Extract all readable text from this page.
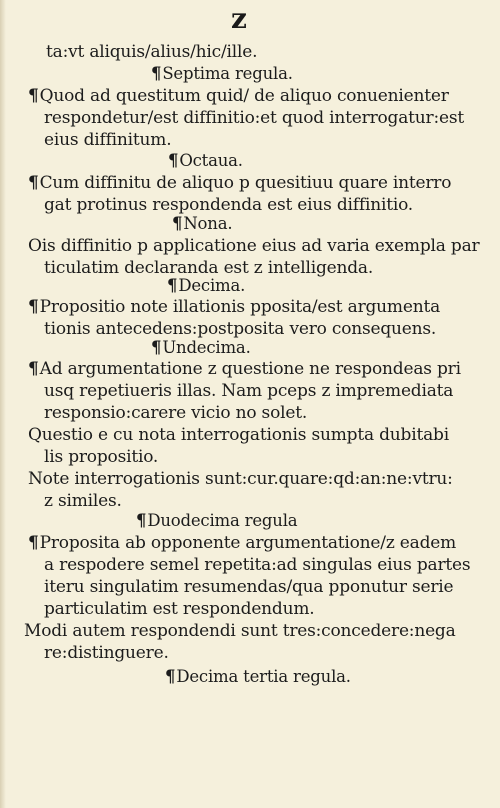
z
ta:vt aliquis/alius/hic/ille.
¶Septima regula.
¶Quod ad questitum quid/ de aliquo conuenienter
respondetur/est diffinitio:et quod interrogatur:est
eius diffinitum.
¶Octaua.
¶Cum diffinitu de aliquo p quesitiuu quare interro
gat protinus respondenda est eius diffinitio.
¶Nona.
Ois diffinitio p applicatione eius ad varia exempla par
ticulatim declaranda est z intelligenda.
¶Decima.
¶Propositio note illationis pposita/est argumenta
tionis antecedens:postposita vero consequens.
¶Undecima.
¶Ad argumentatione z questione ne respondeas pri
usq repetiueris illas. Nam pceps z impremediata
responsio:carere vicio no solet.
Questio e cu nota interrogationis sumpta dubitabi
lis propositio.
Note interrogationis sunt:cur.quare:qd:an:ne:vtru:
z similes.
¶Duodecima regula
¶Proposita ab opponente argumentatione/z eadem
a respodere semel repetita:ad singulas eius partes
iteru singulatim resumendas/qua pponutur serie
particulatim est respondendum.
Modi autem respondendi sunt tres:concedere:nega
re:distinguere.
¶Decima tertia regula.
